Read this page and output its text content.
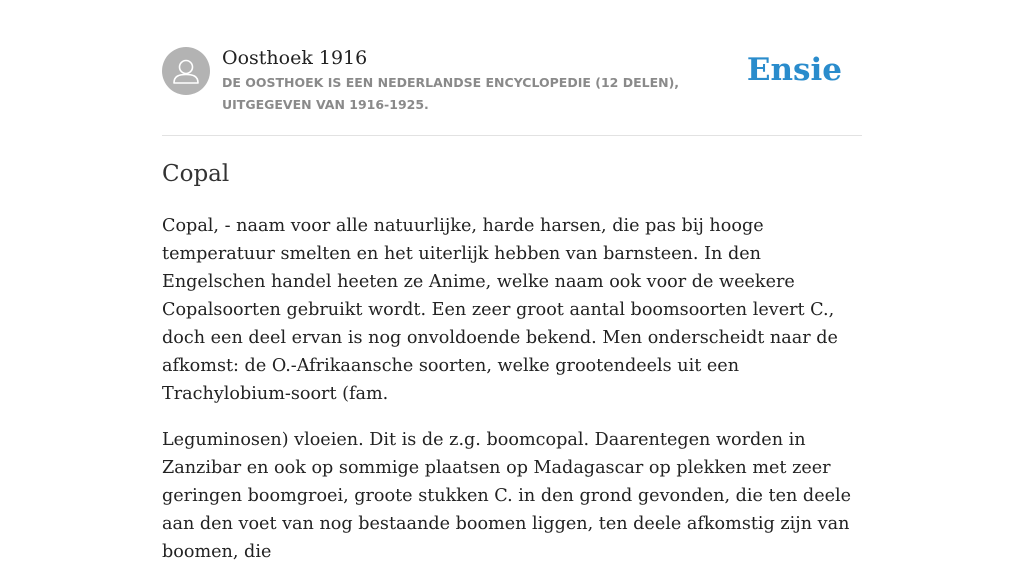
Oosthoek 1916
DE OOSTHOEK IS EEN NEDERLANDSE ENCYCLOPEDIE (12 DELEN), UITGEGEVEN VAN 1916-1925.
Ensie
Copal

Copal, - naam voor alle natuurlijke, harde harsen, die pas bij hooge temperatuur smelten en het uiterlijk hebben van barnsteen. In den Engelschen handel heeten ze Anime, welke naam ook voor de weekere Copalsoorten gebruikt wordt. Een zeer groot aantal boomsoorten levert C., doch een deel ervan is nog onvoldoende bekend. Men onderscheidt naar de afkomst: de O.-Afrikaansche soorten, welke grootendeels uit een Trachylobium-soort (fam.

Leguminosen) vloeien. Dit is de z.g. boomcopal. Daarentegen worden in Zanzibar en ook op sommige plaatsen op Madagascar op plekken met zeer geringen boomgroei, groote stukken C. in den grond gevonden, die ten deele aan den voet van nog bestaande boomen liggen, ten deele afkomstig zijn van boomen, die
